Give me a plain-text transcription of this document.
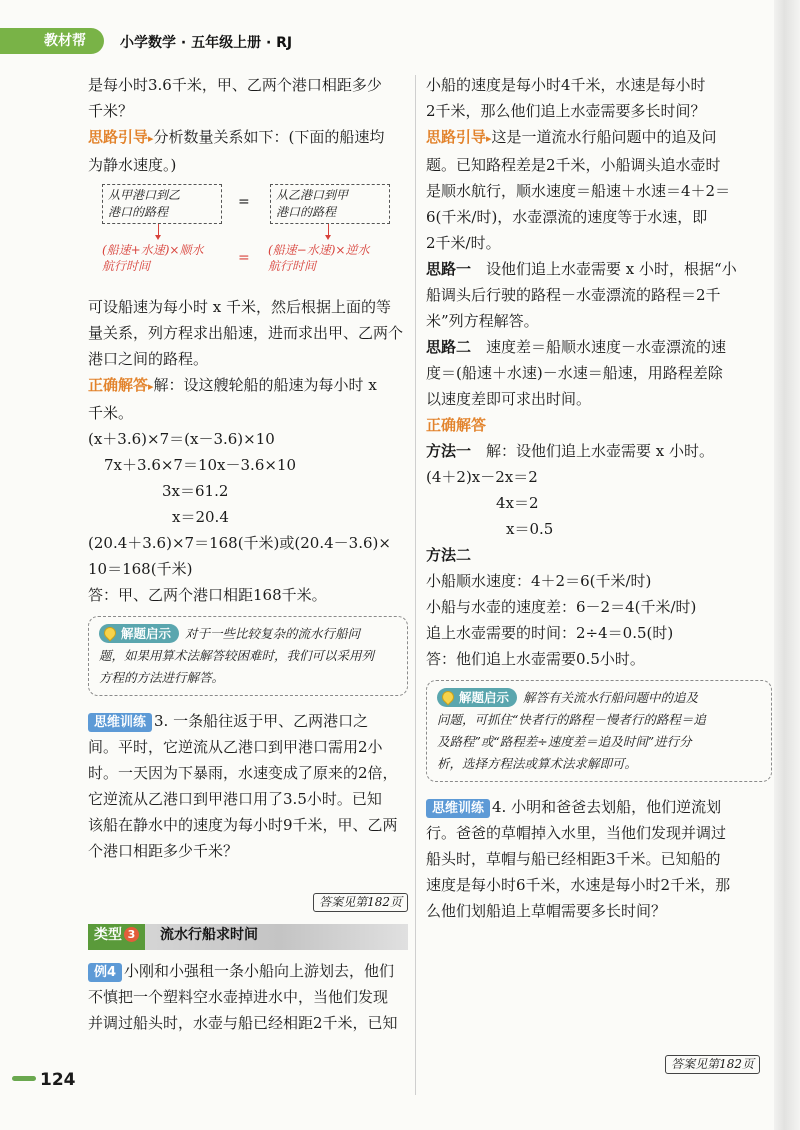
教材帮	小学数学 · 五年级上册 · RJ

是每小时3.6千米，甲、乙两个港口相距多少

千米？

思路引导▸分析数量关系如下：(下面的船速均

为静水速度。)

从甲港口到乙
港口的路程
= 从乙港口到甲
港口的路程
(船速+水速)×顺水
航行时间	= (船速−水速)×逆水
航行时间

可设船速为每小时 x 千米，然后根据上面的等

量关系，列方程求出船速，进而求出甲、乙两个

港口之间的路程。

正确解答▸解：设这艘轮船的船速为每小时 x

千米。

(x＋3.6)×7＝(x－3.6)×10

7x＋3.6×7＝10x－3.6×10

3x＝61.2

x＝20.4

(20.4＋3.6)×7＝168(千米)或(20.4－3.6)×

10＝168(千米)

答：甲、乙两个港口相距168千米。

解题启示 对于一些比较复杂的流水行船问
题，如果用算术法解答较困难时，我们可以采用列
方程的方法进行解答。

思维训练 3. 一条船往返于甲、乙两港口之

间。平时，它逆流从乙港口到甲港口需用2小

时。一天因为下暴雨，水速变成了原来的2倍，

它逆流从乙港口到甲港口用了3.5小时。已知

该船在静水中的速度为每小时9千米，甲、乙两

个港口相距多少千米？

答案见第182页
类型 3	流水行船求时间

例4 小刚和小强租一条小船向上游划去，他们

不慎把一个塑料空水壶掉进水中，当他们发现

并调过船头时，水壶与船已经相距2千米，已知

小船的速度是每小时4千米，水速是每小时

2千米，那么他们追上水壶需要多长时间？

思路引导▸这是一道流水行船问题中的追及问

题。已知路程差是2千米，小船调头追水壶时

是顺水航行，顺水速度＝船速＋水速＝4＋2＝

6(千米/时)，水壶漂流的速度等于水速，即

2千米/时。

思路一　 设他们追上水壶需要 x 小时，根据“小

船调头后行驶的路程－水壶漂流的路程＝2千

米”列方程解答。

思路二　 速度差＝船顺水速度－水壶漂流的速

度＝(船速＋水速)－水速＝船速，用路程差除

以速度差即可求出时间。

正确解答

方法一　 解：设他们追上水壶需要 x 小时。

(4＋2)x－2x＝2

4x＝2

x＝0.5

方法二

小船顺水速度：4＋2＝6(千米/时)

小船与水壶的速度差：6－2＝4(千米/时)

追上水壶需要的时间：2÷4＝0.5(时)

答：他们追上水壶需要0.5小时。

解题启示 解答有关流水行船问题中的追及
问题，可抓住“快者行的路程－慢者行的路程＝追
及路程”或“路程差÷速度差＝追及时间”进行分
析，选择方程法或算术法求解即可。

思维训练 4. 小明和爸爸去划船，他们逆流划

行。爸爸的草帽掉入水里，当他们发现并调过

船头时，草帽与船已经相距3千米。已知船的

速度是每小时6千米，水速是每小时2千米，那

么他们划船追上草帽需要多长时间？

答案见第182页
124
